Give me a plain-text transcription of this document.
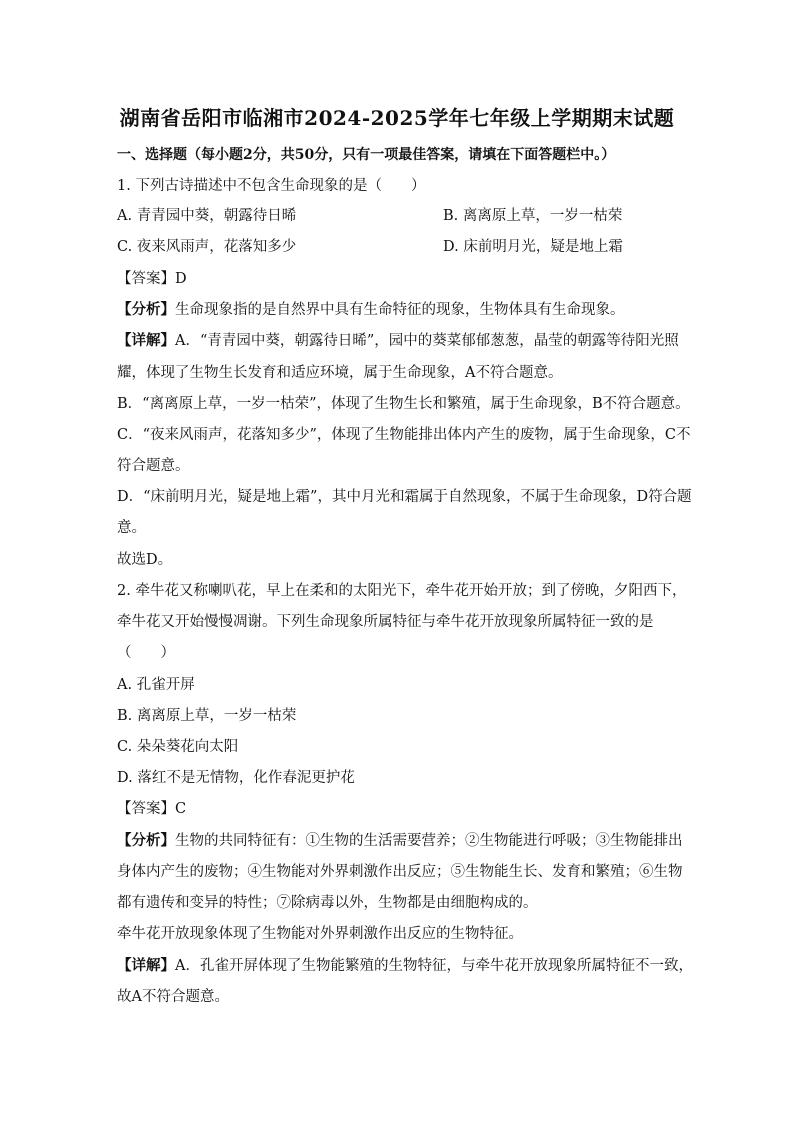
湖南省岳阳市临湘市2024-2025学年七年级上学期期末试题
一、选择题（每小题2分，共50分，只有一项最佳答案，请填在下面答题栏中。）
1. 下列古诗描述中不包含生命现象的是（　　）
A. 青青园中葵，朝露待日晞	B. 离离原上草，一岁一枯荣
C. 夜来风雨声，花落知多少	D. 床前明月光，疑是地上霜
【答案】D
【分析】生命现象指的是自然界中具有生命特征的现象，生物体具有生命现象。
【详解】A．“青青园中葵，朝露待日晞”，园中的葵菜郁郁葱葱，晶莹的朝露等待阳光照
耀，体现了生物生长发育和适应环境，属于生命现象，A不符合题意。
B．“离离原上草，一岁一枯荣”，体现了生物生长和繁殖，属于生命现象，B不符合题意。
C．“夜来风雨声，花落知多少”，体现了生物能排出体内产生的废物，属于生命现象，C不
符合题意。
D．“床前明月光，疑是地上霜”，其中月光和霜属于自然现象，不属于生命现象，D符合题
意。
故选D。
2. 牵牛花又称喇叭花，早上在柔和的太阳光下，牵牛花开始开放；到了傍晚，夕阳西下，
牵牛花又开始慢慢凋谢。下列生命现象所属特征与牵牛花开放现象所属特征一致的是
（　　）
A. 孔雀开屏
B. 离离原上草，一岁一枯荣
C. 朵朵葵花向太阳
D. 落红不是无情物，化作春泥更护花
【答案】C
【分析】生物的共同特征有：①生物的生活需要营养；②生物能进行呼吸；③生物能排出
身体内产生的废物；④生物能对外界刺激作出反应；⑤生物能生长、发育和繁殖；⑥生物
都有遗传和变异的特性；⑦除病毒以外，生物都是由细胞构成的。
牵牛花开放现象体现了生物能对外界刺激作出反应的生物特征。
【详解】A．孔雀开屏体现了生物能繁殖的生物特征，与牵牛花开放现象所属特征不一致，
故A不符合题意。
